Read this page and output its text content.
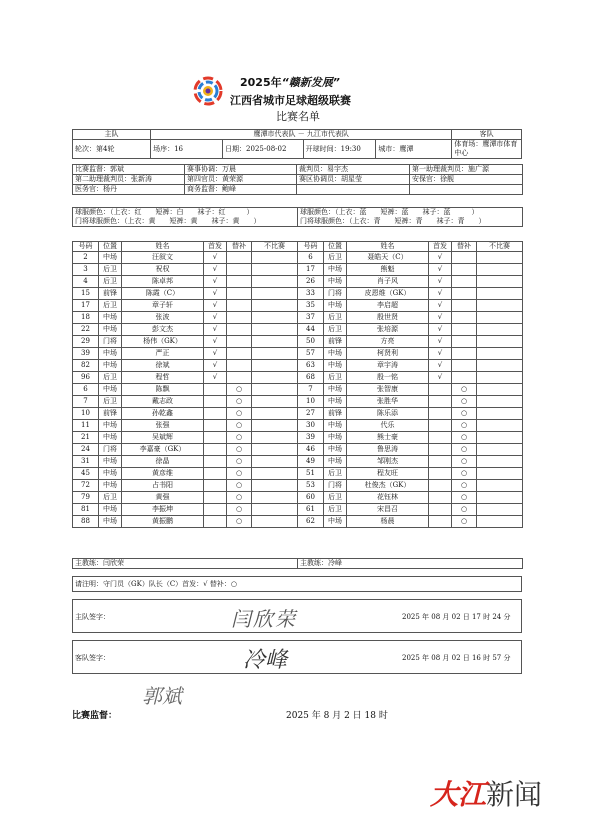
2025年“赣新发展”
江西省城市足球超级联赛
比赛名单
主队	鹰潭市代表队 － 九江市代表队				客队
轮次：第4轮	场序：16	日期：2025-08-02	开球时间：19:30	城市：鹰潭	体育场：鹰潭市体育中心
比赛监督：郭斌	赛事协调：万晨	裁判员：易宇杰	第一助理裁判员：施广源
第二助理裁判员：张新涛	第四官员：黄荣源	赛区协调员：胡星莹	安保官：徐舰
医务官：杨丹	商务监督：鲍峰		
球服颜色：（上衣：红　　短裤：白　　袜子：红　　　）
门将球服颜色：（上衣：黄　　短裤：黄　　袜子：黄　　）

球服颜色：（上衣：蓝　　短裤：蓝　　袜子：蓝　　　）
门将球服颜色：（上衣：青　　短裤：青　　袜子：青　　）
号码	位置	姓名	首发	替补	不比赛
2	中场	汪叙文	√		
3	后卫	祝权	√		
4	后卫	陈卓邦	√		
15	前锋	陈霞（C）	√		
17	后卫	章子轩	√		
18	中场	张波	√		
22	中场	彭文杰	√		
29	门将	杨伟（GK）	√		
39	中场	严正	√		
82	中场	徐斌	√		
96	后卫	程哲	√		
6	中场	陈飘		○	
7	后卫	戴志政		○	
10	前锋	孙乾鑫		○	
11	中场	张强		○	
21	中场	吴斌辉		○	
24	门将	李嘉豪（GK）		○	
31	中场	徐晶		○	
45	中场	黄彦维		○	
72	中场	占书阳		○	
79	后卫	黄强		○	
81	中场	李振坤		○	
88	中场	黄振鹏		○	
号码	位置	姓名	首发	替补	不比赛
6	后卫	聂皓天（C）	√		
17	中场	熊魁	√		
26	中场	肖子风	√		
33	门将	皮恩维（GK）	√		
35	中场	李启超	√		
37	后卫	殷世贤	√		
44	后卫	张培源	√		
50	前锋	方亮	√		
57	中场	柯贤利	√		
63	中场	章宇涛	√		
68	后卫	殷一铭	√		
7	中场	张智康		○	
10	中场	张胜华		○	
27	前锋	陈乐添		○	
30	中场	代乐		○	
39	中场	熊士豪		○	
46	中场	鲁思涛		○	
49	中场	邹刚杰		○	
51	后卫	程友旺		○	
53	门将	杜俊杰（GK）		○	
60	后卫	花钰林		○	
61	后卫	宋昌召		○	
62	中场	杨晨		○	
主教练：闫欣荣	主教练：冷峰
请注明：守门员（GK）队长（C）首发：√ 替补：○
主队签字：	闫欣荣	2025 年 08 月 02 日 17 时 24 分
客队签字：	冷峰	2025 年 08 月 02 日 16 时 57 分
郭斌
比赛监督：	2025 年 8 月 2 日 18 时
大江新闻
